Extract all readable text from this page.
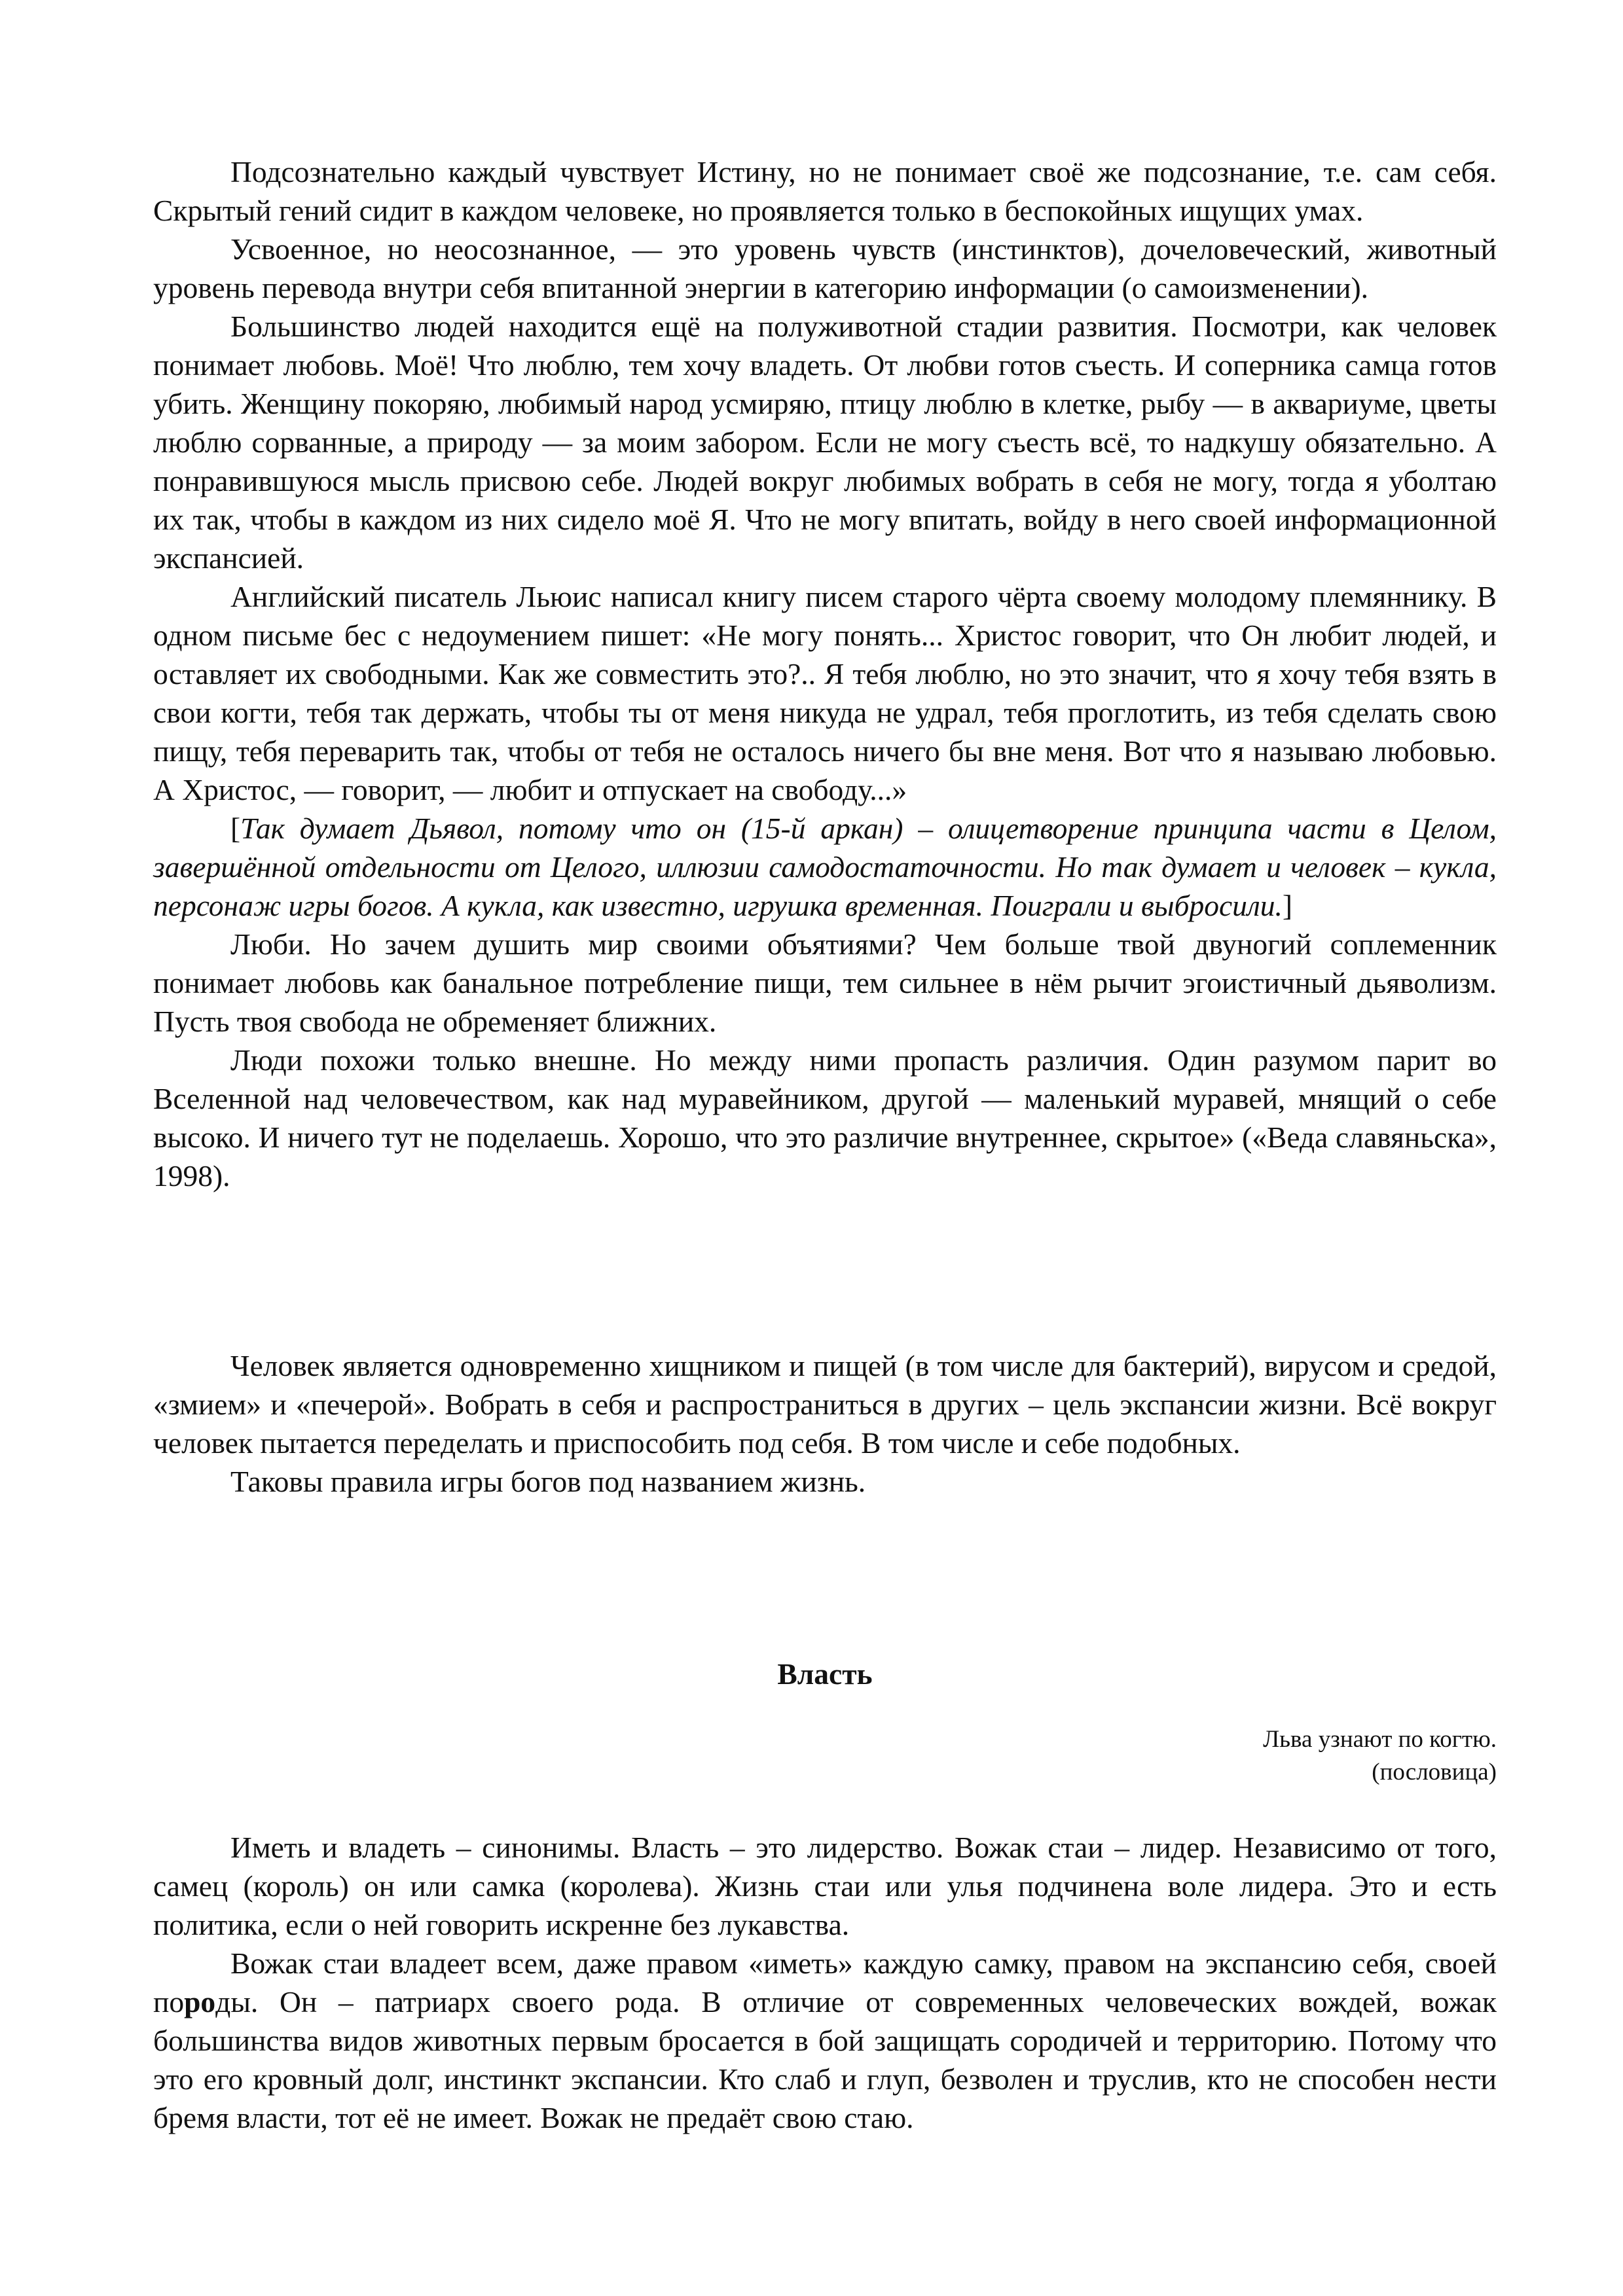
Подсознательно каждый чувствует Истину, но не понимает своё же подсознание, т.е. сам себя. Скрытый гений сидит в каждом человеке, но проявляется только в беспокойных ищущих умах.

Усвоенное, но неосознанное, — это уровень чувств (инстинктов), дочеловеческий, животный уровень перевода внутри себя впитанной энергии в категорию информации (о самоизменении).

Большинство людей находится ещё на полуживотной стадии развития. Посмотри, как человек понимает любовь. Моё! Что люблю, тем хочу владеть. От любви готов съесть. И соперника самца готов убить. Женщину покоряю, любимый народ усмиряю, птицу люблю в клетке, рыбу — в аквариуме, цветы люблю сорванные, а природу — за моим забором. Если не могу съесть всё, то надкушу обязательно. А понравившуюся мысль присвою себе. Людей вокруг любимых вобрать в себя не могу, тогда я уболтаю их так, чтобы в каждом из них сидело моё Я. Что не могу впитать, войду в него своей информационной экспансией.

Английский писатель Льюис написал книгу писем старого чёрта своему молодому племяннику. В одном письме бес с недоумением пишет: «Не могу понять... Христос говорит, что Он любит людей, и оставляет их свободными. Как же совместить это?.. Я тебя люблю, но это значит, что я хочу тебя взять в свои когти, тебя так держать, чтобы ты от меня никуда не удрал, тебя проглотить, из тебя сделать свою пищу, тебя переварить так, чтобы от тебя не осталось ничего бы вне меня. Вот что я называю любовью. А Христос, — говорит, — любит и отпускает на свободу...»

[Так думает Дьявол, потому что он (15-й аркан) – олицетворение принципа части в Целом, завершённой отдельности от Целого, иллюзии самодостаточности. Но так думает и человек – кукла, персонаж игры богов. А кукла, как известно, игрушка временная. Поиграли и выбросили.]

Люби. Но зачем душить мир своими объятиями? Чем больше твой двуногий соплеменник понимает любовь как банальное потребление пищи, тем сильнее в нём рычит эгоистичный дьяволизм. Пусть твоя свобода не обременяет ближних.

Люди похожи только внешне. Но между ними пропасть различия. Один разумом парит во Вселенной над человечеством, как над муравейником, другой — маленький муравей, мнящий о себе высоко. И ничего тут не поделаешь. Хорошо, что это различие внутреннее, скрытое» («Веда славяньска», 1998).

Человек является одновременно хищником и пищей (в том числе для бактерий), вирусом и средой, «змием» и «печерой». Вобрать в себя и распространиться в других – цель экспансии жизни. Всё вокруг человек пытается переделать и приспособить под себя. В том числе и себе подобных.

Таковы правила игры богов под названием жизнь.

Власть
Льва узнают по когтю.
(пословица)

Иметь и владеть – синонимы. Власть – это лидерство. Вожак стаи – лидер. Независимо от того, самец (король) он или самка (королева). Жизнь стаи или улья подчинена воле лидера. Это и есть политика, если о ней говорить искренне без лукавства.

Вожак стаи владеет всем, даже правом «иметь» каждую самку, правом на экспансию себя, своей породы. Он – патриарх своего рода. В отличие от современных человеческих вождей, вожак большинства видов животных первым бросается в бой защищать сородичей и территорию. Потому что это его кровный долг, инстинкт экспансии. Кто слаб и глуп, безволен и труслив, кто не способен нести бремя власти, тот её не имеет. Вожак не предаёт свою стаю.
